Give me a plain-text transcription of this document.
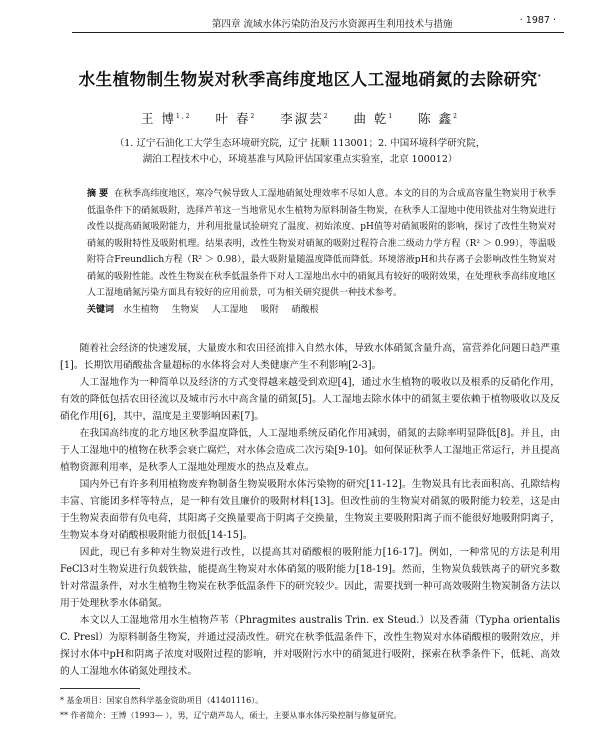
第四章 流域水体污染防治及污水资源再生利用技术与措施	· 1987 ·
水生植物制生物炭对秋季高纬度地区人工湿地硝氮的去除研究*
王 博$^{1,2}$ 叶 春$^2$ 李淑芸$^2$ 曲 乾$^1$ 陈 鑫$^2$
（1. 辽宁石油化工大学生态环境研究院，辽宁 抚顺 113001；2. 中国环境科学研究院，
湖泊工程技术中心，环境基准与风险评估国家重点实验室，北京 100012）
摘 要 在秋季高纬度地区，寒冷气候导致人工湿地硝氮处理效率不尽如人意。本文的目的为合成高容量生物炭用于秋季低温条件下的硝氮吸附，选择芦苇这一当地常见水生植物为原料制备生物炭，在秋季人工湿地中使用铁盐对生物炭进行改性以提高硝氮吸附能力，并利用批量试验研究了温度、初始浓度、pH值等对硝氮吸附的影响，探讨了改性生物炭对硝氮的吸附特性及吸附机理。结果表明，改性生物炭对硝氮的吸附过程符合准二级动力学方程（R² ＞ 0.99），等温吸附符合Freundlich方程（R² ＞ 0.98），最大吸附量随温度降低而降低。环境溶液pH和共存离子会影响改性生物炭对硝氮的吸附性能。改性生物炭在秋季低温条件下对人工湿地出水中的硝氮具有较好的吸附效果，在处理秋季高纬度地区人工湿地硝氮污染方面具有较好的应用前景，可为相关研究提供一种技术参考。
关键词 水生植物 生物炭 人工湿地 吸附 硝酸根

随着社会经济的快速发展，大量废水和农田径流排入自然水体，导致水体硝氮含量升高，富营养化问题日趋严重[1]。长期饮用硝酸盐含量超标的水体将会对人类健康产生不利影响[2-3]。

人工湿地作为一种简单以及经济的方式变得越来越受到欢迎[4]，通过水生植物的吸收以及根系的反硝化作用，有效的降低包括农田径流以及城市污水中高含量的硝氮[5]。人工湿地去除水体中的硝氮主要依赖于植物吸收以及反硝化作用[6]，其中，温度是主要影响因素[7]。

在我国高纬度的北方地区秋季温度降低，人工湿地系统反硝化作用减弱，硝氮的去除率明显降低[8]。并且，由于人工湿地中的植物在秋季会衰亡腐烂，对水体会造成二次污染[9-10]。如何保证秋季人工湿地正常运行，并且提高植物资源利用率，是秋季人工湿地处理废水的热点及难点。

国内外已有许多利用植物废弃物制备生物炭吸附水体污染物的研究[11-12]。生物炭具有比表面积高、孔隙结构丰富、官能团多样等特点，是一种有效且廉价的吸附材料[13]。但改性前的生物炭对硝氮的吸附能力较差，这是由于生物炭表面带有负电荷，其阳离子交换量要高于阴离子交换量，生物炭主要吸附阳离子而不能很好地吸附阴离子，生物炭本身对硝酸根吸附能力很低[14-15]。

因此，现已有多种对生物炭进行改性，以提高其对硝酸根的吸附能力[16-17]。例如，一种常见的方法是利用FeCl3对生物炭进行负载铁盐，能提高生物炭对水体硝氮的吸附能力[18-19]。然而，生物炭负载铁离子的研究多数针对常温条件，对水生植物生物炭在秋季低温条件下的研究较少。因此，需要找到一种可高效吸附生物炭制备方法以用于处理秋季水体硝氮。

本文以人工湿地常用水生植物芦苇（Phragmites australis Trin. ex Steud.）以及香蒲（Typha orientalis C. Presl）为原料制备生物炭，并通过浸渍改性。研究在秋季低温条件下，改性生物炭对水体硝酸根的吸附效应，并探讨水体中pH和阴离子浓度对吸附过程的影响，并对吸附污水中的硝氮进行吸附，探索在秋季条件下，低耗、高效的人工湿地水体硝氮处理技术。

* 基金项目：国家自然科学基金资助项目（41401116）。
** 作者简介：王博（1993— ），男，辽宁葫芦岛人，硕士，主要从事水体污染控制与修复研究。
